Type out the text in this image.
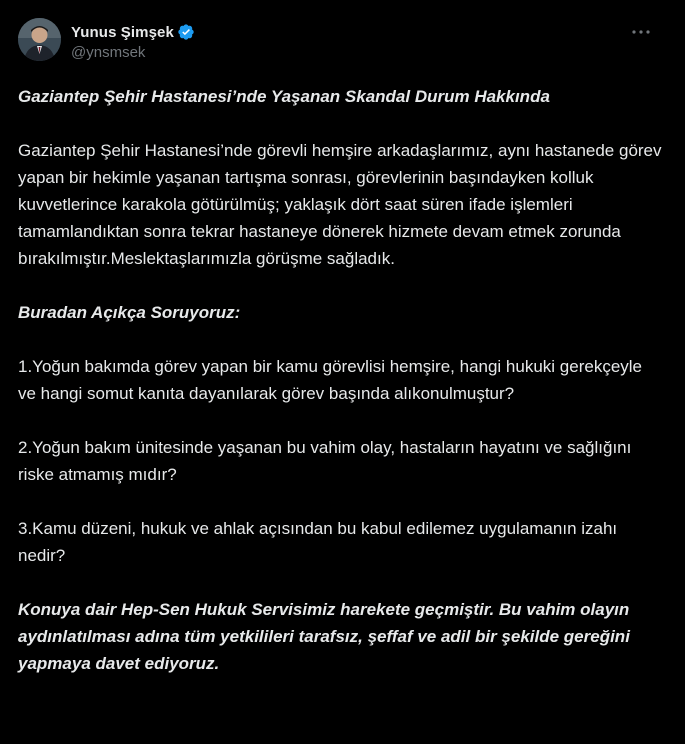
Yunus Şimşek
@ynsmsek

Gaziantep Şehir Hastanesi’nde Yaşanan Skandal Durum Hakkında

Gaziantep Şehir Hastanesi’nde görevli hemşire arkadaşlarımız, aynı hastanede görev yapan bir hekimle yaşanan tartışma sonrası, görevlerinin başındayken kolluk kuvvetlerince karakola götürülmüş; yaklaşık dört saat süren ifade işlemleri tamamlandıktan sonra tekrar hastaneye dönerek hizmete devam etmek zorunda bırakılmıştır.Meslektaşlarımızla görüşme sağladık.

Buradan Açıkça Soruyoruz:

1.Yoğun bakımda görev yapan bir kamu görevlisi hemşire, hangi hukuki gerekçeyle ve hangi somut kanıta dayanılarak görev başında alıkonulmuştur?

2.Yoğun bakım ünitesinde yaşanan bu vahim olay, hastaların hayatını ve sağlığını riske atmamış mıdır?

3.Kamu düzeni, hukuk ve ahlak açısından bu kabul edilemez uygulamanın izahı nedir?

Konuya dair Hep-Sen Hukuk Servisimiz harekete geçmiştir. Bu vahim olayın aydınlatılması adına tüm yetkilileri tarafsız, şeffaf ve adil bir şekilde gereğini yapmaya davet ediyoruz.
